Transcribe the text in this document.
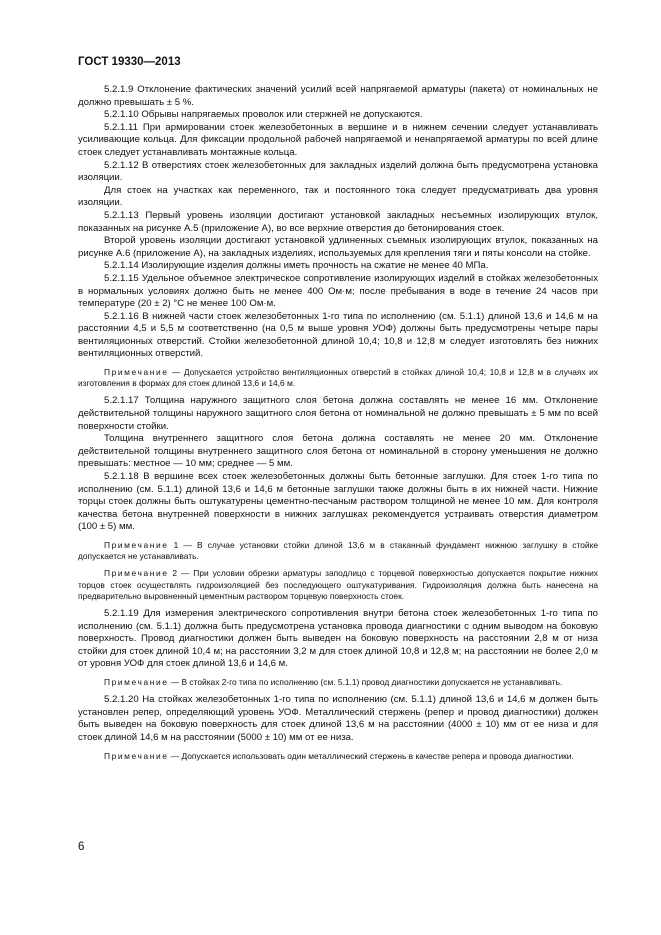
ГОСТ 19330—2013

5.2.1.9 Отклонение фактических значений усилий всей напрягаемой арматуры (пакета) от номинальных не должно превышать ± 5 %.

5.2.1.10 Обрывы напрягаемых проволок или стержней не допускаются.

5.2.1.11 При армировании стоек железобетонных в вершине и в нижнем сечении следует устанавливать усиливающие кольца. Для фиксации продольной рабочей напрягаемой и ненапрягаемой арматуры по всей длине стоек следует устанавливать монтажные кольца.

5.2.1.12 В отверстиях стоек железобетонных для закладных изделий должна быть предусмотрена установка изоляции.

Для стоек на участках как переменного, так и постоянного тока следует предусматривать два уровня изоляции.

5.2.1.13 Первый уровень изоляции достигают установкой закладных несъемных изолирующих втулок, показанных на рисунке А.5 (приложение А), во все верхние отверстия до бетонирования стоек.

Второй уровень изоляции достигают установкой удлиненных съемных изолирующих втулок, показанных на рисунке А.6 (приложение А), на закладных изделиях, используемых для крепления тяги и пяты консоли на стойке.

5.2.1.14 Изолирующие изделия должны иметь прочность на сжатие не менее 40 МПа.

5.2.1.15 Удельное объемное электрическое сопротивление изолирующих изделий в стойках железобетонных в нормальных условиях должно быть не менее 400 Ом·м; после пребывания в воде в течение 24 часов при температуре (20 ± 2) °С не менее 100 Ом·м.

5.2.1.16 В нижней части стоек железобетонных 1-го типа по исполнению (см. 5.1.1) длиной 13,6 и 14,6 м на расстоянии 4,5 и 5,5 м соответственно (на 0,5 м выше уровня УОФ) должны быть предусмотрены четыре пары вентиляционных отверстий. Стойки железобетонной длиной 10,4; 10,8 и 12,8 м следует изготовлять без нижних вентиляционных отверстий.

Примечание — Допускается устройство вентиляционных отверстий в стойках длиной 10,4; 10,8 и 12,8 м в случаях их изготовления в формах для стоек длиной 13,6 и 14,6 м.

5.2.1.17 Толщина наружного защитного слоя бетона должна составлять не менее 16 мм. Отклонение действительной толщины наружного защитного слоя бетона от номинальной не должно превышать ± 5 мм по всей поверхности стойки.

Толщина внутреннего защитного слоя бетона должна составлять не менее 20 мм. Отклонение действительной толщины внутреннего защитного слоя бетона от номинальной в сторону уменьшения не должно превышать: местное — 10 мм; среднее — 5 мм.

5.2.1.18 В вершине всех стоек железобетонных должны быть бетонные заглушки. Для стоек 1-го типа по исполнению (см. 5.1.1) длиной 13,6 и 14,6 м бетонные заглушки также должны быть в их нижней части. Нижние торцы стоек должны быть оштукатурены цементно-песчаным раствором толщиной не менее 10 мм. Для контроля качества бетона внутренней поверхности в нижних заглушках рекомендуется устраивать отверстия диаметром (100 ± 5) мм.

Примечание 1 — В случае установки стойки длиной 13,6 м в стаканный фундамент нижнюю заглушку в стойке допускается не устанавливать.

Примечание 2 — При условии обрезки арматуры заподлицо с торцевой поверхностью допускается покрытие нижних торцов стоек осуществлять гидроизоляцией без последующего оштукатуривания. Гидроизоляция должна быть нанесена на предварительно выровненный цементным раствором торцевую поверхность стоек.

5.2.1.19 Для измерения электрического сопротивления внутри бетона стоек железобетонных 1-го типа по исполнению (см. 5.1.1) должна быть предусмотрена установка провода диагностики с одним выводом на боковую поверхность. Провод диагностики должен быть выведен на боковую поверхность на расстоянии 2,8 м от низа стойки для стоек длиной 10,4 м; на расстоянии 3,2 м для стоек длиной 10,8 и 12,8 м; на расстоянии не более 2,0 м от уровня УОФ для стоек длиной 13,6 и 14,6 м.

Примечание — В стойках 2-го типа по исполнению (см. 5.1.1) провод диагностики допускается не устанавливать.

5.2.1.20 На стойках железобетонных 1-го типа по исполнению (см. 5.1.1) длиной 13,6 и 14,6 м должен быть установлен репер, определяющий уровень УОФ. Металлический стержень (репер и провод диагностики) должен быть выведен на боковую поверхность для стоек длиной 13,6 м на расстоянии (4000 ± 10) мм от ее низа и для стоек длиной 14,6 м на расстоянии (5000 ± 10) мм от ее низа.

Примечание — Допускается использовать один металлический стержень в качестве репера и провода диагностики.

6
